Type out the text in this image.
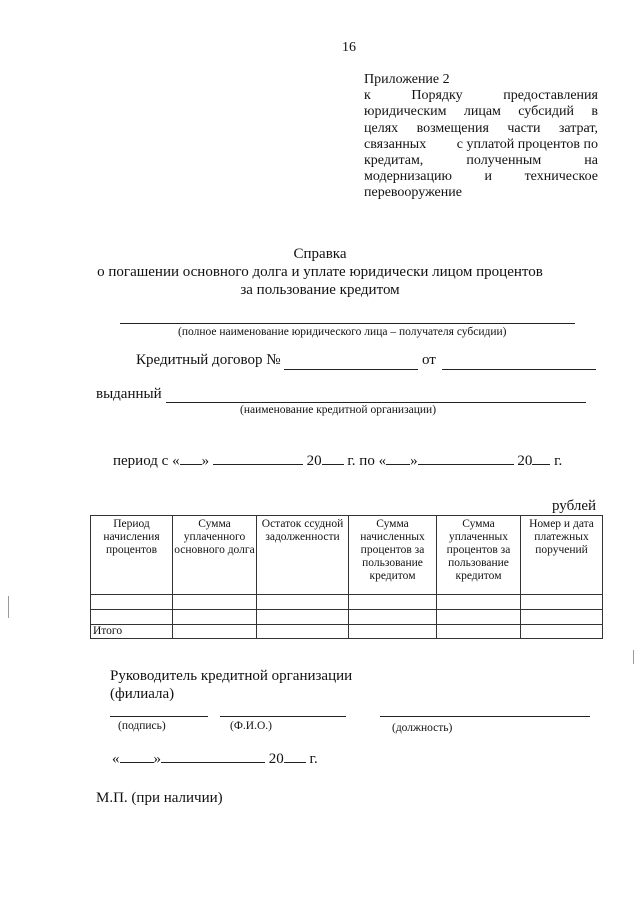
16
Приложение 2
к	Порядку	предоставления
юридическим лицам субсидий в
целях возмещения части затрат,
связанных с уплатой процентов по
кредитам,	полученным	на
модернизацию и техническое
перевооружение
Справка
о погашении основного долга и уплате юридически лицом процентов
за пользование кредитом
(полное наименование юридического лица – получателя субсидии)
Кредитный договор №	от
выданный
(наименование кредитной организации)
период с « »	20 г. по « »	20 г.
рублей
Период начисления процентов	Сумма уплаченного основного долга	Остаток ссудной задолженности	Сумма начисленных процентов за пользование кредитом	Сумма уплаченных процентов за пользование кредитом	Номер и дата платежных поручений

Итого					
Руководитель кредитной организации
(филиала)
(подпись)	(Ф.И.О.)	(должность)
« »	20 г.
М.П. (при наличии)
